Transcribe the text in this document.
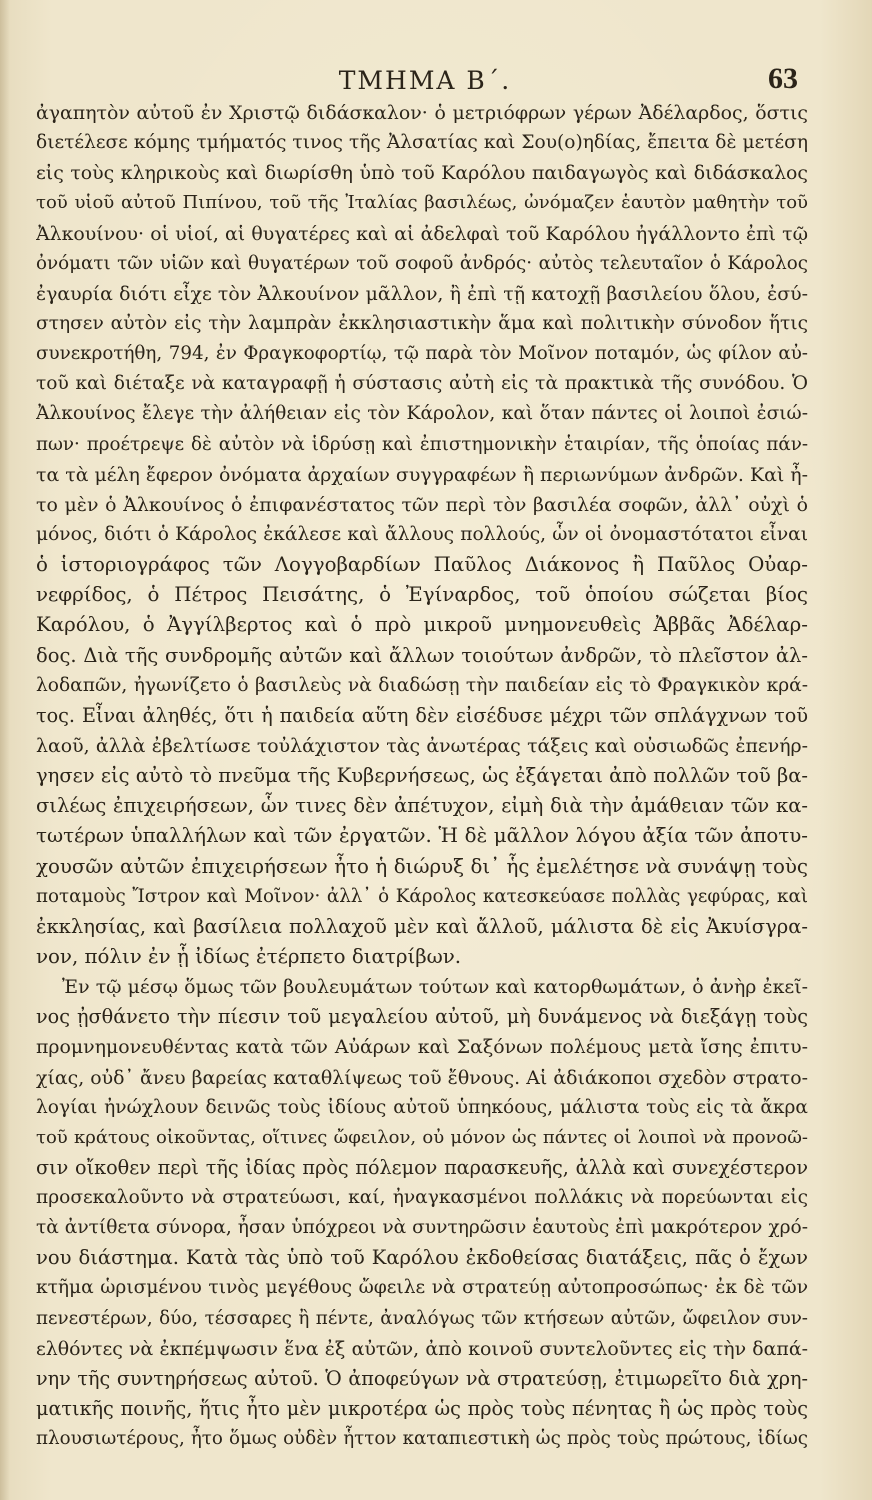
ΤΜΗΜΑ Β΄.	63
ἀγαπητὸν αὐτοῦ ἐν Χριστῷ διδάσκαλον· ὁ μετριόφρων γέρων Ἀδέλαρδος, ὅστις
διετέλεσε κόμης τμήματός τινος τῆς Ἀλσατίας καὶ Σου(ο)ηδίας, ἔπειτα δὲ μετέση
εἰς τοὺς κληρικοὺς καὶ διωρίσθη ὑπὸ τοῦ Καρόλου παιδαγωγὸς καὶ διδάσκαλος
τοῦ υἱοῦ αὐτοῦ Πιπίνου, τοῦ τῆς Ἰταλίας βασιλέως, ὠνόμαζεν ἑαυτὸν μαθητὴν τοῦ
Ἀλκουίνου· οἱ υἱοί, αἱ θυγατέρες καὶ αἱ ἀδελφαὶ τοῦ Καρόλου ἠγάλλοντο ἐπὶ τῷ
ὀνόματι τῶν υἱῶν καὶ θυγατέρων τοῦ σοφοῦ ἀνδρός· αὐτὸς τελευταῖον ὁ Κάρολος
ἐγαυρία διότι εἶχε τὸν Ἀλκουίνον μᾶλλον, ἢ ἐπὶ τῇ κατοχῇ βασιλείου ὅλου, ἐσύ-
στησεν αὐτὸν εἰς τὴν λαμπρὰν ἐκκλησιαστικὴν ἅμα καὶ πολιτικὴν σύνοδον ἥτις
συνεκροτήθη, 794, ἐν Φραγκοφορτίῳ, τῷ παρὰ τὸν Μοῖνον ποταμόν, ὡς φίλον αὐ-
τοῦ καὶ διέταξε νὰ καταγραφῇ ἡ σύστασις αὐτὴ εἰς τὰ πρακτικὰ τῆς συνόδου. Ὁ
Ἀλκουίνος ἔλεγε τὴν ἀλήθειαν εἰς τὸν Κάρολον, καὶ ὅταν πάντες οἱ λοιποὶ ἐσιώ-
πων· προέτρεψε δὲ αὐτὸν νὰ ἱδρύσῃ καὶ ἐπιστημονικὴν ἑταιρίαν, τῆς ὁποίας πάν-
τα τὰ μέλη ἔφερον ὀνόματα ἀρχαίων συγγραφέων ἢ περιωνύμων ἀνδρῶν. Καὶ ἦ-
το μὲν ὁ Ἀλκουίνος ὁ ἐπιφανέστατος τῶν περὶ τὸν βασιλέα σοφῶν, ἀλλ᾽ οὐχὶ ὁ
μόνος, διότι ὁ Κάρολος ἐκάλεσε καὶ ἄλλους πολλούς, ὧν οἱ ὀνομαστότατοι εἶναι
ὁ ἱστοριογράφος τῶν Λογγοβαρδίων Παῦλος Διάκονος ἢ Παῦλος Οὐαρ-
νεφρίδος, ὁ Πέτρος Πεισάτης, ὁ Ἐγίναρδος, τοῦ ὁποίου σώζεται βίος
Καρόλου, ὁ Ἀγγίλβερτος καὶ ὁ πρὸ μικροῦ μνημονευθεὶς Ἀββᾶς Ἀδέλαρ-
δος. Διὰ τῆς συνδρομῆς αὐτῶν καὶ ἄλλων τοιούτων ἀνδρῶν, τὸ πλεῖστον ἀλ-
λοδαπῶν, ἠγωνίζετο ὁ βασιλεὺς νὰ διαδώσῃ τὴν παιδείαν εἰς τὸ Φραγκικὸν κρά-
τος. Εἶναι ἀληθές, ὅτι ἡ παιδεία αὕτη δὲν εἰσέδυσε μέχρι τῶν σπλάγχνων τοῦ
λαοῦ, ἀλλὰ ἐβελτίωσε τοὐλάχιστον τὰς ἀνωτέρας τάξεις καὶ οὐσιωδῶς ἐπενήρ-
γησεν εἰς αὐτὸ τὸ πνεῦμα τῆς Κυβερνήσεως, ὡς ἐξάγεται ἀπὸ πολλῶν τοῦ βα-
σιλέως ἐπιχειρήσεων, ὧν τινες δὲν ἀπέτυχον, εἰμὴ διὰ τὴν ἀμάθειαν τῶν κα-
τωτέρων ὑπαλλήλων καὶ τῶν ἐργατῶν. Ἡ δὲ μᾶλλον λόγου ἀξία τῶν ἀποτυ-
χουσῶν αὐτῶν ἐπιχειρήσεων ἦτο ἡ διώρυξ δι᾽ ἧς ἐμελέτησε νὰ συνάψῃ τοὺς
ποταμοὺς Ἴστρον καὶ Μοῖνον· ἀλλ᾽ ὁ Κάρολος κατεσκεύασε πολλὰς γεφύρας, καὶ
ἐκκλησίας, καὶ βασίλεια πολλαχοῦ μὲν καὶ ἄλλοῦ, μάλιστα δὲ εἰς Ἀκυίσγρα-
νον, πόλιν ἐν ᾗ ἰδίως ἐτέρπετο διατρίβων.
Ἐν τῷ μέσῳ ὅμως τῶν βουλευμάτων τούτων καὶ κατορθωμάτων, ὁ ἀνὴρ ἐκεῖ-
νος ᾐσθάνετο τὴν πίεσιν τοῦ μεγαλείου αὐτοῦ, μὴ δυνάμενος νὰ διεξάγῃ τοὺς
προμνημονευθέντας κατὰ τῶν Αὐάρων καὶ Σαξόνων πολέμους μετὰ ἴσης ἐπιτυ-
χίας, οὐδ᾽ ἄνευ βαρείας καταθλίψεως τοῦ ἔθνους. Αἱ ἀδιάκοποι σχεδὸν στρατο-
λογίαι ἠνώχλουν δεινῶς τοὺς ἰδίους αὐτοῦ ὑπηκόους, μάλιστα τοὺς εἰς τὰ ἄκρα
τοῦ κράτους οἰκοῦντας, οἵτινες ὤφειλον, οὐ μόνον ὡς πάντες οἱ λοιποὶ νὰ προνοῶ-
σιν οἴκοθεν περὶ τῆς ἰδίας πρὸς πόλεμον παρασκευῆς, ἀλλὰ καὶ συνεχέστερον
προσεκαλοῦντο νὰ στρατεύωσι, καί, ἠναγκασμένοι πολλάκις νὰ πορεύωνται εἰς
τὰ ἀντίθετα σύνορα, ἦσαν ὑπόχρεοι νὰ συντηρῶσιν ἑαυτοὺς ἐπὶ μακρότερον χρό-
νου διάστημα. Κατὰ τὰς ὑπὸ τοῦ Καρόλου ἐκδοθείσας διατάξεις, πᾶς ὁ ἔχων
κτῆμα ὡρισμένου τινὸς μεγέθους ὤφειλε νὰ στρατεύῃ αὐτοπροσώπως· ἐκ δὲ τῶν
πενεστέρων, δύο, τέσσαρες ἢ πέντε, ἀναλόγως τῶν κτήσεων αὐτῶν, ὤφειλον συν-
ελθόντες νὰ ἐκπέμψωσιν ἕνα ἐξ αὐτῶν, ἀπὸ κοινοῦ συντελοῦντες εἰς τὴν δαπά-
νην τῆς συντηρήσεως αὐτοῦ. Ὁ ἀποφεύγων νὰ στρατεύσῃ, ἐτιμωρεῖτο διὰ χρη-
ματικῆς ποινῆς, ἥτις ἦτο μὲν μικροτέρα ὡς πρὸς τοὺς πένητας ἢ ὡς πρὸς τοὺς
πλουσιωτέρους, ἦτο ὅμως οὐδὲν ἧττον καταπιεστικὴ ὡς πρὸς τοὺς πρώτους, ἰδίως
